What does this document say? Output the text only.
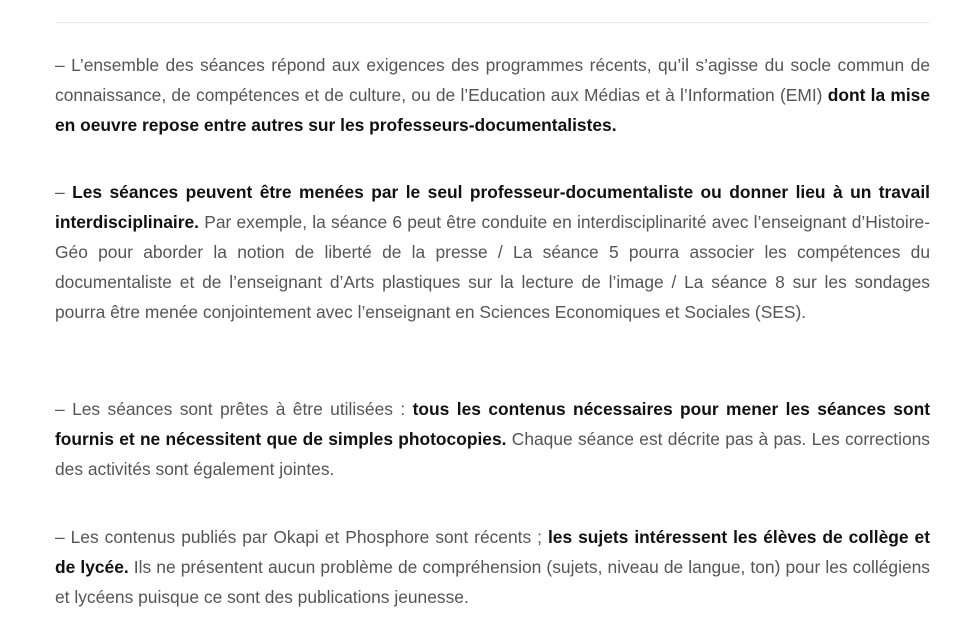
– L’ensemble des séances répond aux exigences des programmes récents, qu’il s’agisse du socle commun de connaissance, de compétences et de culture, ou de l’Education aux Médias et à l’Information (EMI) dont la mise en oeuvre repose entre autres sur les professeurs-documentalistes.

– Les séances peuvent être menées par le seul professeur-documentaliste ou donner lieu à un travail interdisciplinaire. Par exemple, la séance 6 peut être conduite en interdisciplinarité avec l’enseignant d’Histoire-Géo pour aborder la notion de liberté de la presse / La séance 5 pourra associer les compétences du documentaliste et de l’enseignant d’Arts plastiques sur la lecture de l’image / La séance 8 sur les sondages pourra être menée conjointement avec l’enseignant en Sciences Economiques et Sociales (SES).

– Les séances sont prêtes à être utilisées : tous les contenus nécessaires pour mener les séances sont fournis et ne nécessitent que de simples photocopies. Chaque séance est décrite pas à pas. Les corrections des activités sont également jointes.

– Les contenus publiés par Okapi et Phosphore sont récents ; les sujets intéressent les élèves de collège et de lycée. Ils ne présentent aucun problème de compréhension (sujets, niveau de langue, ton) pour les collégiens et lycéens puisque ce sont des publications jeunesse.
